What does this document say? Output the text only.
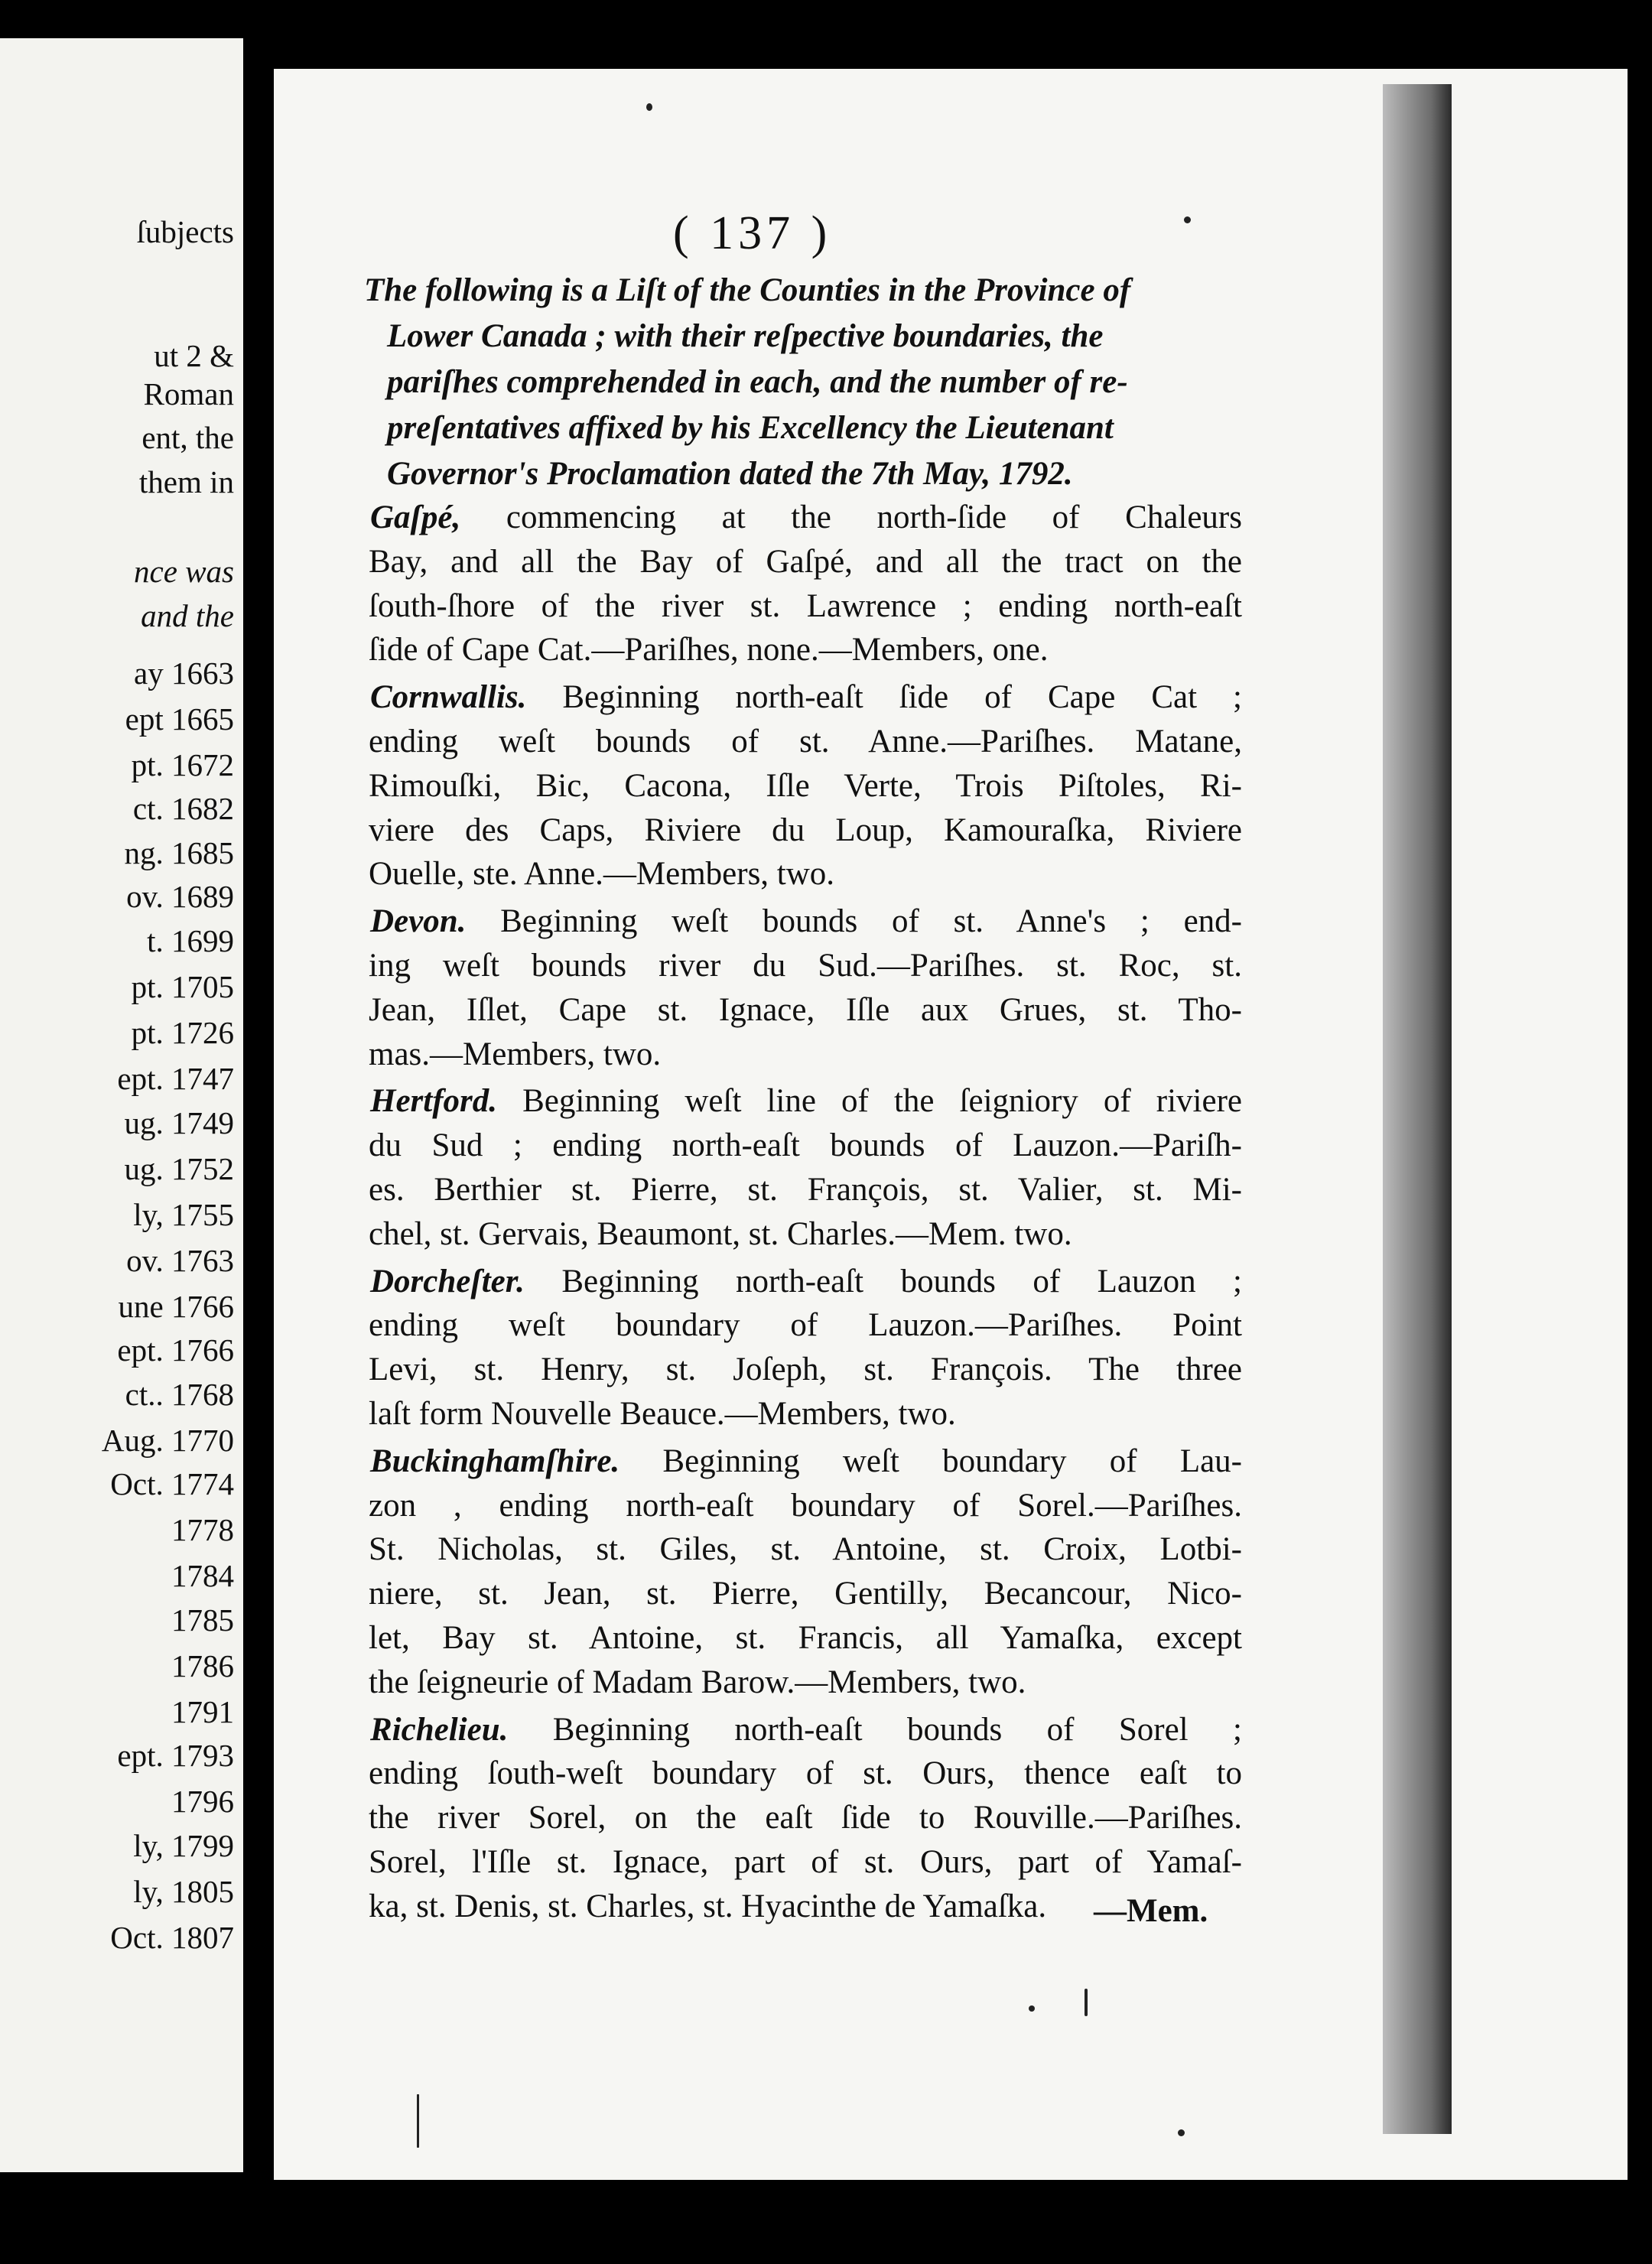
ſubjects
ut 2 &
Roman
ent, the
them in
nce was
and the
ay 1663
ept 1665
pt. 1672
ct. 1682
ng. 1685
ov. 1689
t. 1699
pt. 1705
pt. 1726
ept. 1747
ug. 1749
ug. 1752
ly, 1755
ov. 1763
une 1766
ept. 1766
ct.. 1768
Aug. 1770
Oct. 1774
1778
1784
1785
1786
1791
ept. 1793
1796
ly, 1799
ly, 1805
Oct. 1807
( 137 )
The following is a Liſt of the Counties in the Province of
Lower Canada ; with their reſpective boundaries, the
pariſhes comprehended in each, and the number of re-
preſentatives affixed by his Excellency the Lieutenant
Governor's Proclamation dated the 7th May, 1792.
Gaſpé, commencing at the north-ſide of Chaleurs
Bay, and all the Bay of Gaſpé, and all the tract on the
ſouth-ſhore of the river st. Lawrence ; ending north-eaſt
ſide of Cape Cat.—Pariſhes, none.—Members, one.
Cornwallis. Beginning north-eaſt ſide of Cape Cat ;
ending weſt bounds of st. Anne.—Pariſhes. Matane,
Rimouſki, Bic, Cacona, Iſle Verte, Trois Piſtoles, Ri-
viere des Caps, Riviere du Loup, Kamouraſka, Riviere
Ouelle, ste. Anne.—Members, two.
Devon. Beginning weſt bounds of st. Anne's ; end-
ing weſt bounds river du Sud.—Pariſhes. st. Roc, st.
Jean, Iſlet, Cape st. Ignace, Iſle aux Grues, st. Tho-
mas.—Members, two.
Hertford. Beginning weſt line of the ſeigniory of riviere
du Sud ; ending north-eaſt bounds of Lauzon.—Pariſh-
es. Berthier st. Pierre, st. François, st. Valier, st. Mi-
chel, st. Gervais, Beaumont, st. Charles.—Mem. two.
Dorcheſter. Beginning north-eaſt bounds of Lauzon ;
ending weſt boundary of Lauzon.—Pariſhes. Point
Levi, st. Henry, st. Joſeph, st. François. The three
laſt form Nouvelle Beauce.—Members, two.
Buckinghamſhire. Beginning weſt boundary of Lau-
zon , ending north-eaſt boundary of Sorel.—Pariſhes.
St. Nicholas, st. Giles, st. Antoine, st. Croix, Lotbi-
niere, st. Jean, st. Pierre, Gentilly, Becancour, Nico-
let, Bay st. Antoine, st. Francis, all Yamaſka, except
the ſeigneurie of Madam Barow.—Members, two.
Richelieu. Beginning north-eaſt bounds of Sorel ;
ending ſouth-weſt boundary of st. Ours, thence eaſt to
the river Sorel, on the eaſt ſide to Rouville.—Pariſhes.
Sorel, l'Iſle st. Ignace, part of st. Ours, part of Yamaſ-
ka, st. Denis, st. Charles, st. Hyacinthe de Yamaſka.	—Mem.
